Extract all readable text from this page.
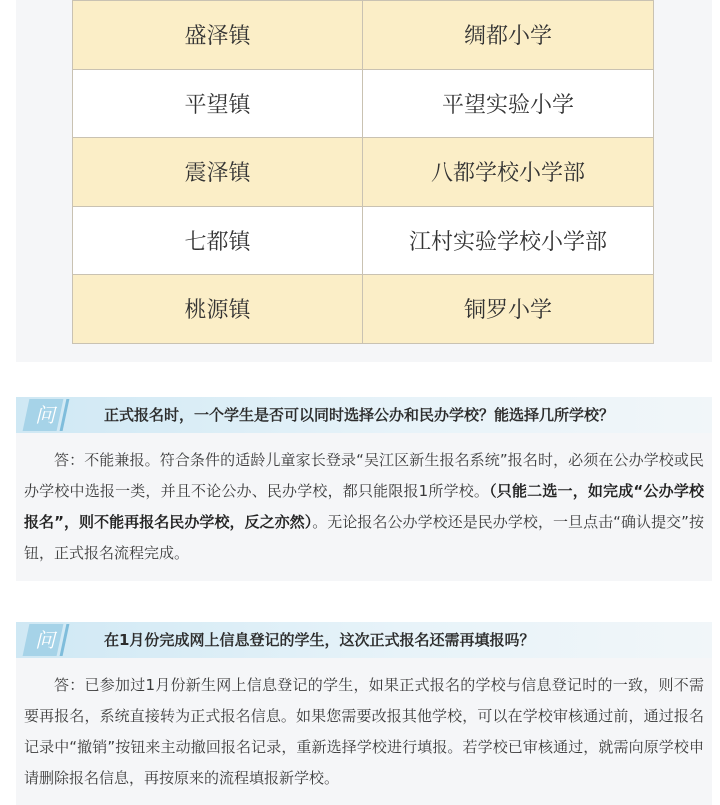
盛泽镇	绸都小学
平望镇	平望实验小学
震泽镇	八都学校小学部
七都镇	江村实验学校小学部
桃源镇	铜罗小学
问	正式报名时，一个学生是否可以同时选择公办和民办学校？能选择几所学校？

答：不能兼报。符合条件的适龄儿童家长登录“吴江区新生报名系统”报名时，必须在公办学校或民办学校中选报一类，并且不论公办、民办学校，都只能限报1所学校。（只能二选一，如完成“公办学校报名”，则不能再报名民办学校，反之亦然）。无论报名公办学校还是民办学校，一旦点击“确认提交”按钮，正式报名流程完成。

问	在1月份完成网上信息登记的学生，这次正式报名还需再填报吗？

答：已参加过1月份新生网上信息登记的学生，如果正式报名的学校与信息登记时的一致，则不需要再报名，系统直接转为正式报名信息。如果您需要改报其他学校，可以在学校审核通过前，通过报名记录中“撤销”按钮来主动撤回报名记录，重新选择学校进行填报。若学校已审核通过，就需向原学校申请删除报名信息，再按原来的流程填报新学校。
